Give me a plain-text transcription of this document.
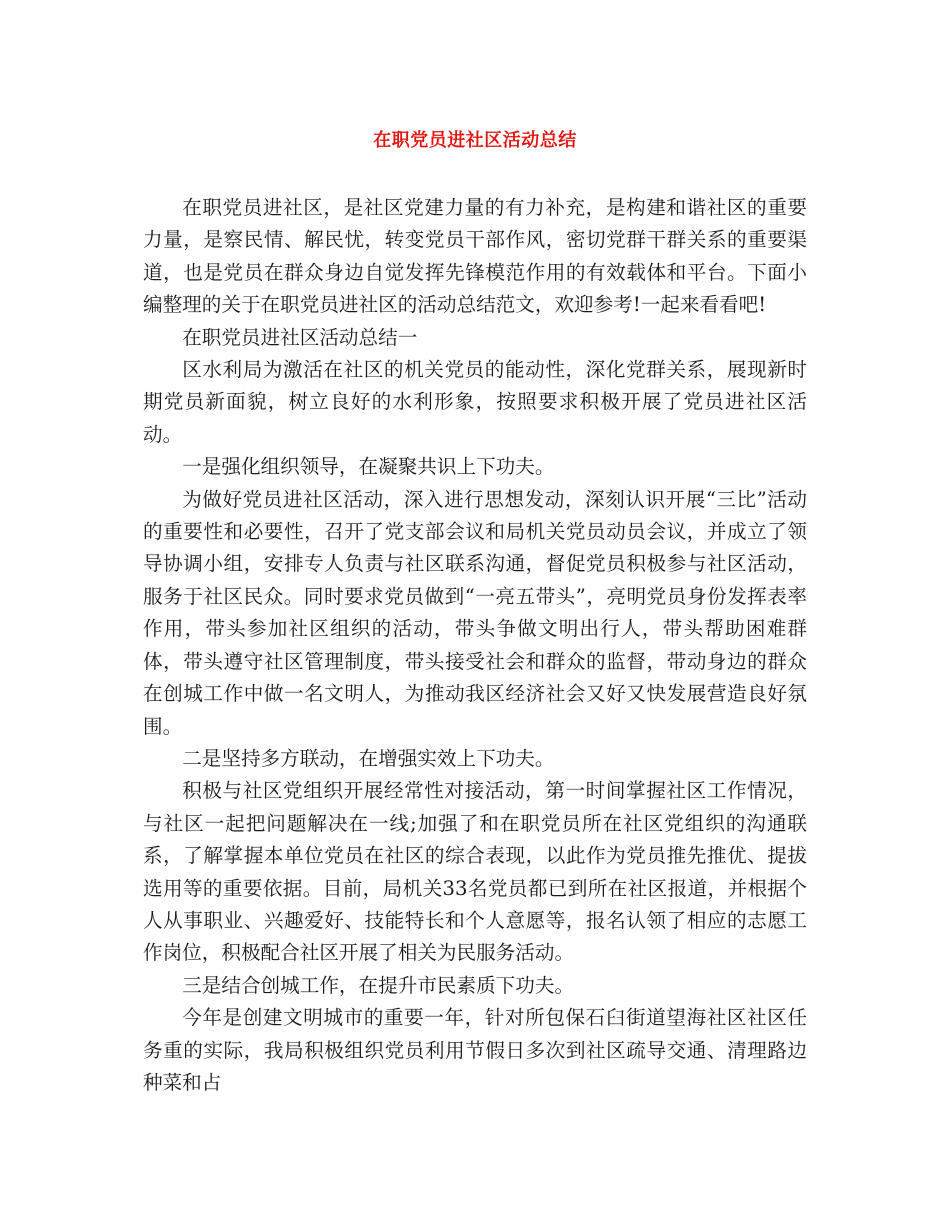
在职党员进社区活动总结

在职党员进社区，是社区党建力量的有力补充，是构建和谐社区的重要力量，是察民情、解民忧，转变党员干部作风，密切党群干群关系的重要渠道，也是党员在群众身边自觉发挥先锋模范作用的有效载体和平台。下面小编整理的关于在职党员进社区的活动总结范文，欢迎参考!一起来看看吧!

在职党员进社区活动总结一

区水利局为激活在社区的机关党员的能动性，深化党群关系，展现新时期党员新面貌，树立良好的水利形象，按照要求积极开展了党员进社区活动。

一是强化组织领导，在凝聚共识上下功夫。

为做好党员进社区活动，深入进行思想发动，深刻认识开展“三比”活动的重要性和必要性，召开了党支部会议和局机关党员动员会议，并成立了领导协调小组，安排专人负责与社区联系沟通，督促党员积极参与社区活动，服务于社区民众。同时要求党员做到“一亮五带头”，亮明党员身份发挥表率作用，带头参加社区组织的活动，带头争做文明出行人，带头帮助困难群体，带头遵守社区管理制度，带头接受社会和群众的监督，带动身边的群众在创城工作中做一名文明人，为推动我区经济社会又好又快发展营造良好氛围。

二是坚持多方联动，在增强实效上下功夫。

积极与社区党组织开展经常性对接活动，第一时间掌握社区工作情况，与社区一起把问题解决在一线;加强了和在职党员所在社区党组织的沟通联系，了解掌握本单位党员在社区的综合表现，以此作为党员推先推优、提拔选用等的重要依据。目前，局机关33名党员都已到所在社区报道，并根据个人从事职业、兴趣爱好、技能特长和个人意愿等，报名认领了相应的志愿工作岗位，积极配合社区开展了相关为民服务活动。

三是结合创城工作，在提升市民素质下功夫。

今年是创建文明城市的重要一年，针对所包保石臼街道望海社区社区任务重的实际，我局积极组织党员利用节假日多次到社区疏导交通、清理路边种菜和占
